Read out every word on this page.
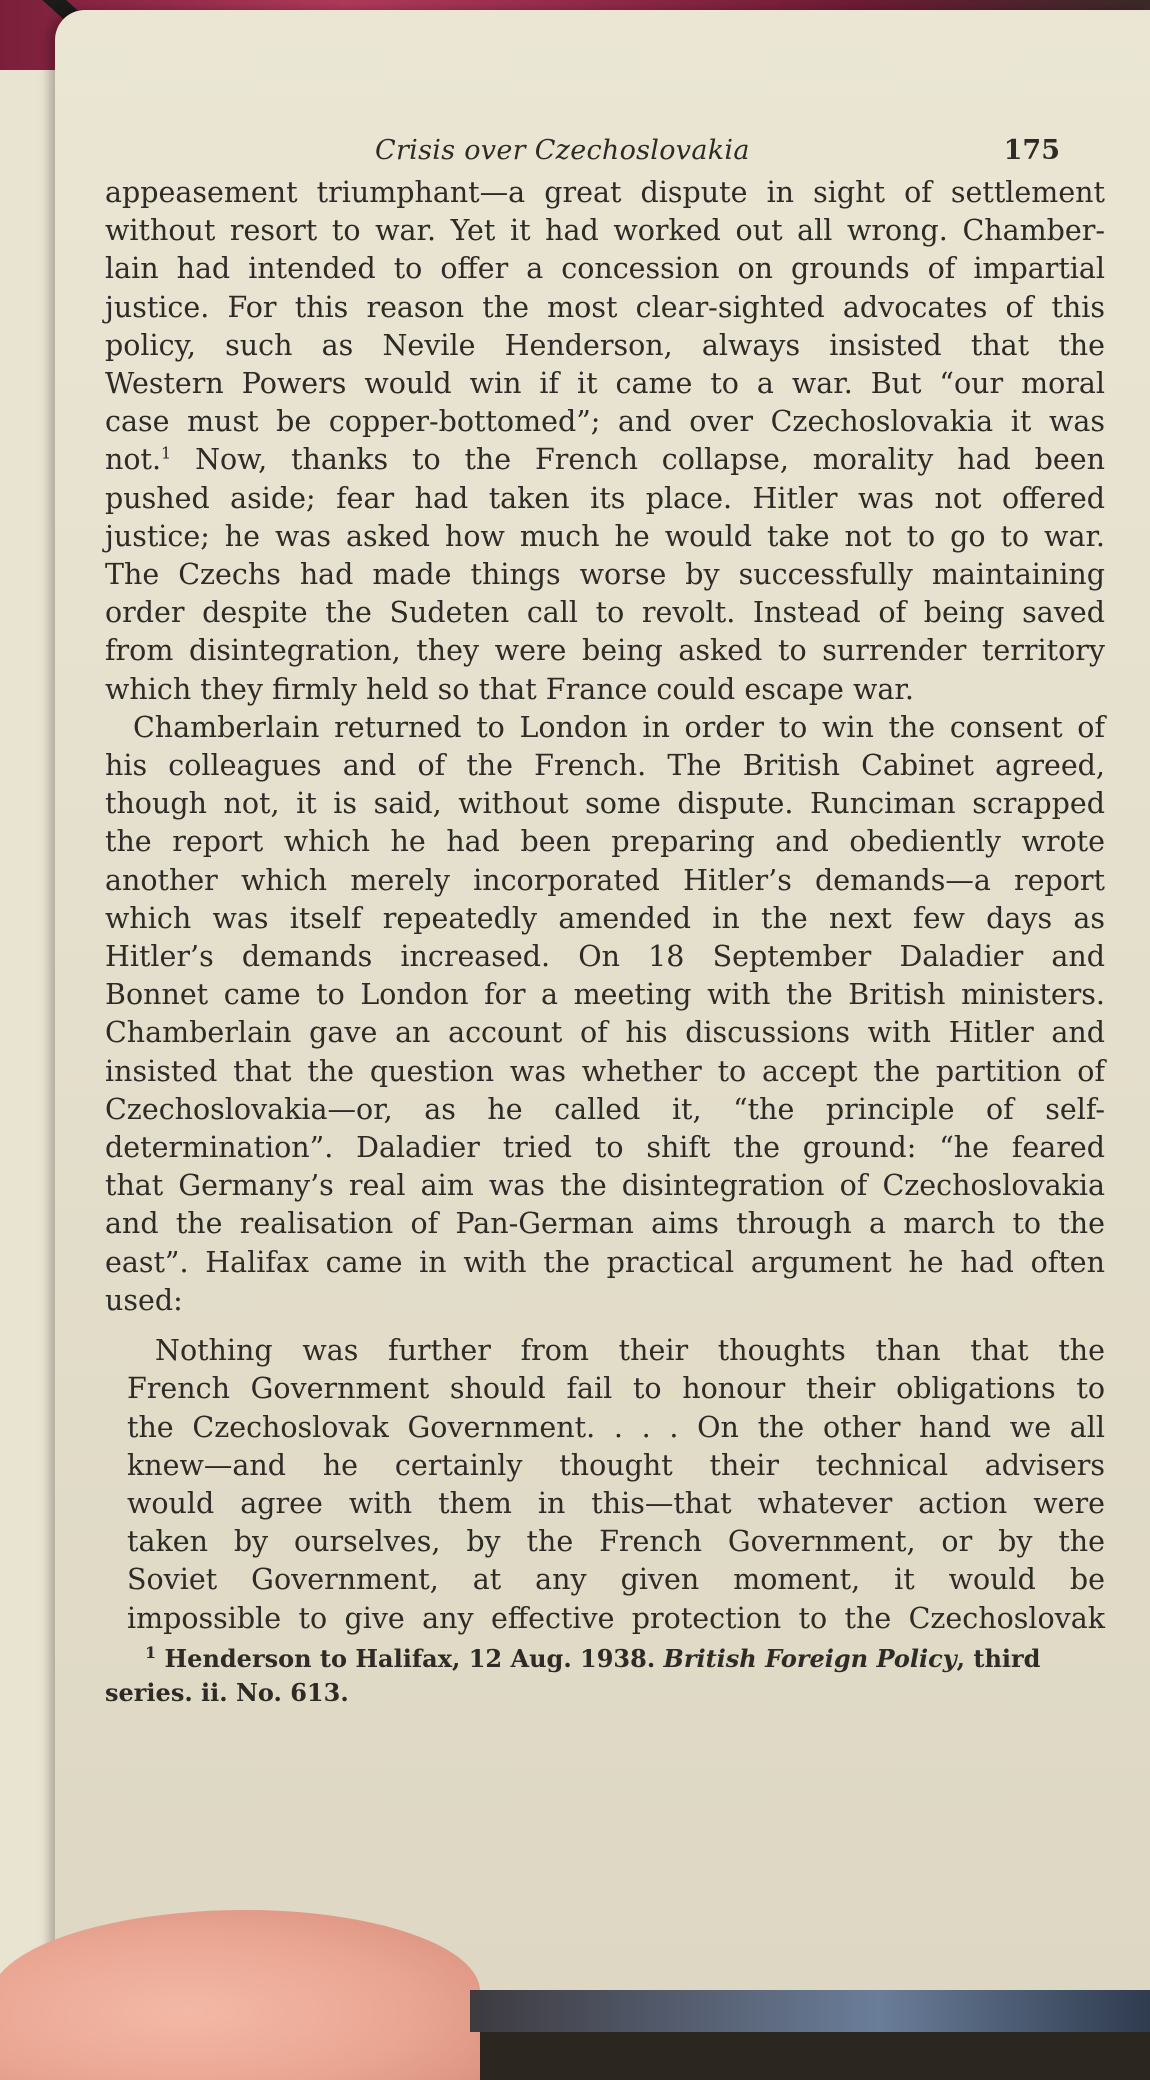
Crisis over Czechoslovakia	175
appeasement triumphant—a great dispute in sight of settlement
without resort to war. Yet it had worked out all wrong. Chamber-
lain had intended to offer a concession on grounds of impartial
justice. For this reason the most clear-sighted advocates of this
policy, such as Nevile Henderson, always insisted that the
Western Powers would win if it came to a war. But “our moral
case must be copper-bottomed”; and over Czechoslovakia it was
not.$^1$ Now, thanks to the French collapse, morality had been
pushed aside; fear had taken its place. Hitler was not offered
justice; he was asked how much he would take not to go to war.
The Czechs had made things worse by successfully maintaining
order despite the Sudeten call to revolt. Instead of being saved
from disintegration, they were being asked to surrender territory
which they firmly held so that France could escape war.
Chamberlain returned to London in order to win the consent of
his colleagues and of the French. The British Cabinet agreed,
though not, it is said, without some dispute. Runciman scrapped
the report which he had been preparing and obediently wrote
another which merely incorporated Hitler’s demands—a report
which was itself repeatedly amended in the next few days as
Hitler’s demands increased. On 18 September Daladier and
Bonnet came to London for a meeting with the British ministers.
Chamberlain gave an account of his discussions with Hitler and
insisted that the question was whether to accept the partition of
Czechoslovakia—or, as he called it, “the principle of self-
determination”. Daladier tried to shift the ground: “he feared
that Germany’s real aim was the disintegration of Czechoslovakia
and the realisation of Pan-German aims through a march to the
east”. Halifax came in with the practical argument he had often
used:
Nothing was further from their thoughts than that the
French Government should fail to honour their obligations to
the Czechoslovak Government. . . . On the other hand we all
knew—and he certainly thought their technical advisers
would agree with them in this—that whatever action were
taken by ourselves, by the French Government, or by the
Soviet Government, at any given moment, it would be
impossible to give any effective protection to the Czechoslovak
$^1$ Henderson to Halifax, 12 Aug. 1938. British Foreign Policy, third
series. ii. No. 613.
